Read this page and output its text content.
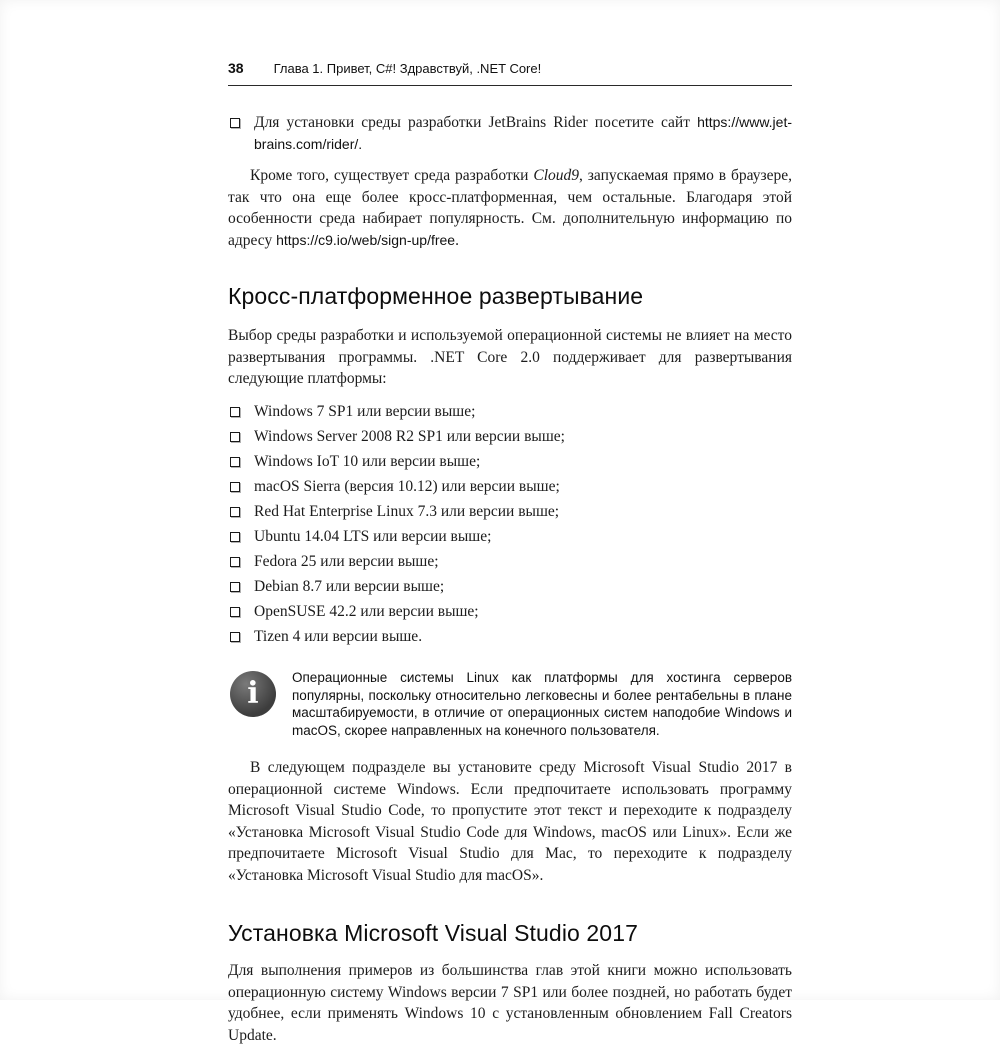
38 Глава 1. Привет, C#! Здравствуй, .NET Core!

Для установки среды разработки JetBrains Rider посетите сайт https://www.jet-brains.com/rider/.

Кроме того, существует среда разработки Cloud9, запускаемая прямо в браузере, так что она еще более кросс-платформенная, чем остальные. Благодаря этой особенности среда набирает популярность. См. дополнительную информацию по адресу https://c9.io/web/sign-up/free.

Кросс-платформенное развертывание

Выбор среды разработки и используемой операционной системы не влияет на место развертывания программы. .NET Core 2.0 поддерживает для развертывания следующие платформы:

Windows 7 SP1 или версии выше;

Windows Server 2008 R2 SP1 или версии выше;

Windows IoT 10 или версии выше;

macOS Sierra (версия 10.12) или версии выше;

Red Hat Enterprise Linux 7.3 или версии выше;

Ubuntu 14.04 LTS или версии выше;

Fedora 25 или версии выше;

Debian 8.7 или версии выше;

OpenSUSE 42.2 или версии выше;

Tizen 4 или версии выше.

i Операционные системы Linux как платформы для хостинга серверов популярны, поскольку относительно легковесны и более рентабельны в плане масштабируемости, в отличие от операционных систем наподобие Windows и macOS, скорее направленных на конечного пользователя.

В следующем подразделе вы установите среду Microsoft Visual Studio 2017 в операционной системе Windows. Если предпочитаете использовать программу Microsoft Visual Studio Code, то пропустите этот текст и переходите к подразделу «Установка Microsoft Visual Studio Code для Windows, macOS или Linux». Если же предпочитаете Microsoft Visual Studio для Mac, то переходите к подразделу «Установка Microsoft Visual Studio для macOS».

Установка Microsoft Visual Studio 2017

Для выполнения примеров из большинства глав этой книги можно использовать операционную систему Windows версии 7 SP1 или более поздней, но работать будет удобнее, если применять Windows 10 с установленным обновлением Fall Creators Update.
